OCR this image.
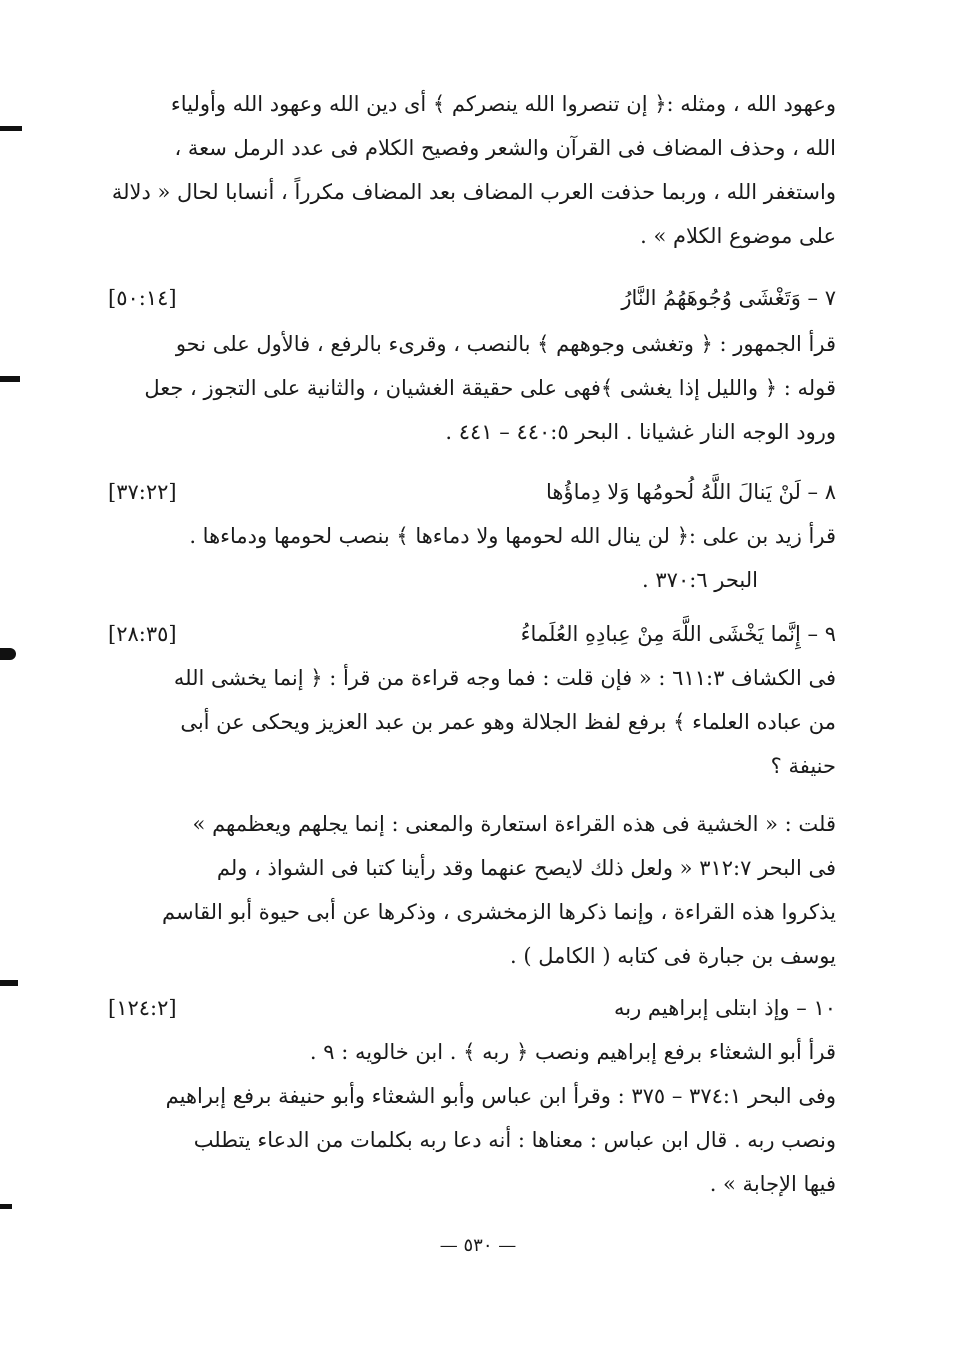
وعهود الله ، ومثله :﴿ إن تنصروا الله ينصركم ﴾ أى دين الله وعهود الله وأولياء
الله ، وحذف المضاف فى القرآن والشعر وفصيح الكلام فى عدد الرمل سعة ،
واستغفر الله ، وربما حذفت العرب المضاف بعد المضاف مكرراً ، أنسابا لحال « دلالة
على موضوع الكلام » .
٧ – وَتَغْشَى وُجُوهَهُمُ النَّارُ
[٥٠:١٤]
قرأ الجمهور : ﴿ وتغشى وجوههم ﴾ بالنصب ، وقرىء بالرفع ، فالأول على نحو
قوله : ﴿ والليل إذا يغشى ﴾فهى على حقيقة الغشيان ، والثانية على التجوز ، جعل
ورود الوجه النار غشيانا . البحر ٤٤٠:٥ – ٤٤١ .
٨ – لَنْ يَنالَ اللَّهُ لُحومُها وَلا دِماؤُها
[٣٧:٢٢]
قرأ زيد بن على :﴿ لن ينال الله لحومها ولا دماءها ﴾ بنصب لحومها ودماءها .
البحر ٣٧٠:٦ .
٩ – إِنَّما يَخْشَى اللَّهَ مِنْ عِبادِهِ العُلَماءُ
[٢٨:٣٥]
فى الكشاف ٦١١:٣ : « فإن قلت : فما وجه قراءة من قرأ : ﴿ إنما يخشى الله
من عباده العلماء ﴾ برفع لفظ الجلالة وهو عمر بن عبد العزيز ويحكى عن أبى
حنيفة ؟
قلت : « الخشية فى هذه القراءة استعارة والمعنى : إنما يجلهم ويعظمهم »
فى البحر ٣١٢:٧ « ولعل ذلك لايصح عنهما وقد رأينا كتبا فى الشواذ ، ولم
يذكروا هذه القراءة ، وإنما ذكرها الزمخشرى ، وذكرها عن أبى حيوة أبو القاسم
يوسف بن جبارة فى كتابه ( الكامل ) .
١٠ – وإذ ابتلى إبراهيم ربه
[١٢٤:٢]
قرأ أبو الشعثاء برفع إبراهيم ونصب ﴿ ربه ﴾ . ابن خالويه : ٩ .
وفى البحر ٣٧٤:١ – ٣٧٥ : وقرأ ابن عباس وأبو الشعثاء وأبو حنيفة برفع إبراهيم
ونصب ربه . قال ابن عباس : معناها : أنه دعا ربه بكلمات من الدعاء يتطلب
فيها الإجابة » .
— ٥٣٠ —
